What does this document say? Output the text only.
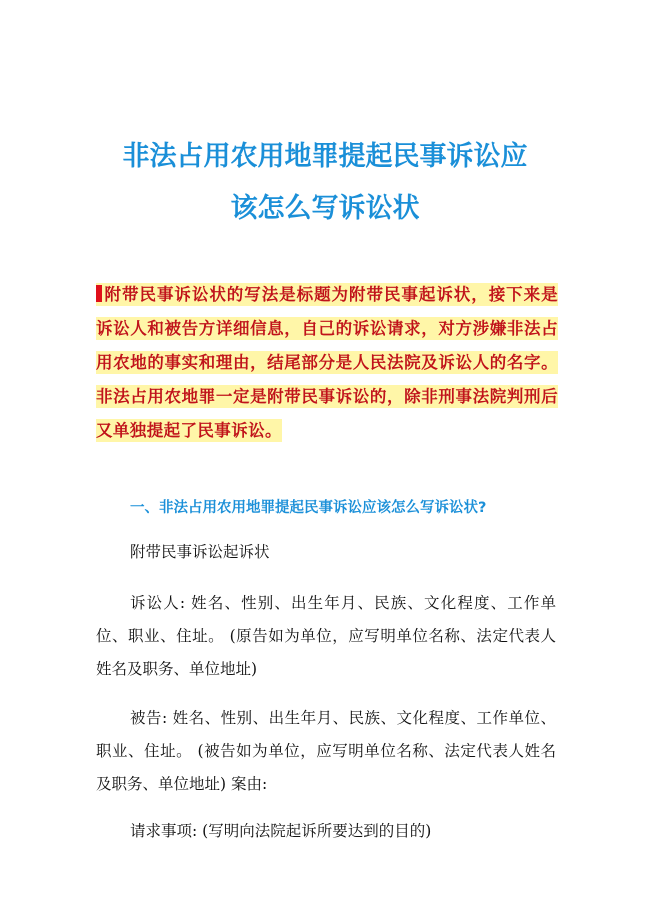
非法占用农用地罪提起民事诉讼应
该怎么写诉讼状

附带民事诉讼状的写法是标题为附带民事起诉状，接下来是诉讼人和被告方详细信息，自己的诉讼请求，对方涉嫌非法占用农地的事实和理由，结尾部分是人民法院及诉讼人的名字。非法占用农地罪一定是附带民事诉讼的，除非刑事法院判刑后又单独提起了民事诉讼。

一、非法占用农用地罪提起民事诉讼应该怎么写诉讼状?

附带民事诉讼起诉状

诉讼人: 姓名、性别、出生年月、民族、文化程度、工作单位、职业、住址。 (原告如为单位，应写明单位名称、法定代表人姓名及职务、单位地址)

被告: 姓名、性别、出生年月、民族、文化程度、工作单位、职业、住址。 (被告如为单位，应写明单位名称、法定代表人姓名及职务、单位地址) 案由:

请求事项: (写明向法院起诉所要达到的目的)
